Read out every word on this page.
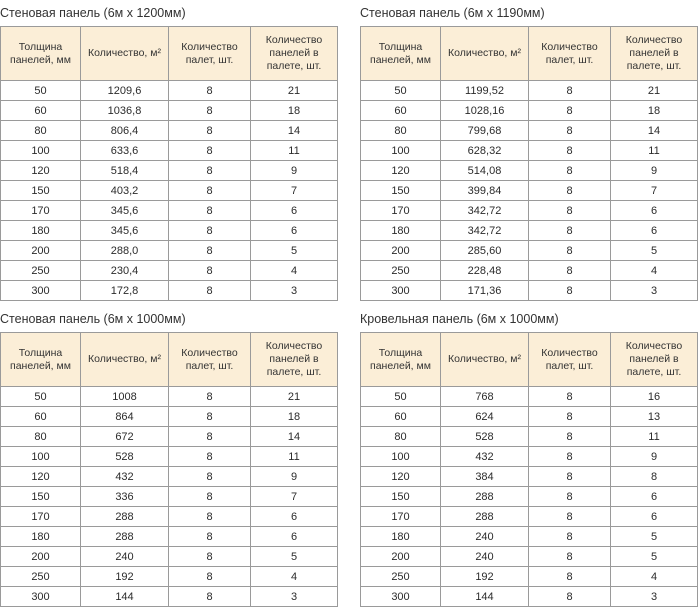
Стеновая панель (6м х 1200мм)
Толщина панелей, мм	Количество, м²	Количество палет, шт.	Количество панелей в палете, шт.
50	1209,6	8	21
60	1036,8	8	18
80	806,4	8	14
100	633,6	8	11
120	518,4	8	9
150	403,2	8	7
170	345,6	8	6
180	345,6	8	6
200	288,0	8	5
250	230,4	8	4
300	172,8	8	3
Стеновая панель (6м х 1190мм)
Толщина панелей, мм	Количество, м²	Количество палет, шт.	Количество панелей в палете, шт.
50	1199,52	8	21
60	1028,16	8	18
80	799,68	8	14
100	628,32	8	11
120	514,08	8	9
150	399,84	8	7
170	342,72	8	6
180	342,72	8	6
200	285,60	8	5
250	228,48	8	4
300	171,36	8	3
Стеновая панель (6м х 1000мм)
Толщина панелей, мм	Количество, м²	Количество палет, шт.	Количество панелей в палете, шт.
50	1008	8	21
60	864	8	18
80	672	8	14
100	528	8	11
120	432	8	9
150	336	8	7
170	288	8	6
180	288	8	6
200	240	8	5
250	192	8	4
300	144	8	3
Кровельная панель (6м х 1000мм)
Толщина панелей, мм	Количество, м²	Количество палет, шт.	Количество панелей в палете, шт.
50	768	8	16
60	624	8	13
80	528	8	11
100	432	8	9
120	384	8	8
150	288	8	6
170	288	8	6
180	240	8	5
200	240	8	5
250	192	8	4
300	144	8	3
